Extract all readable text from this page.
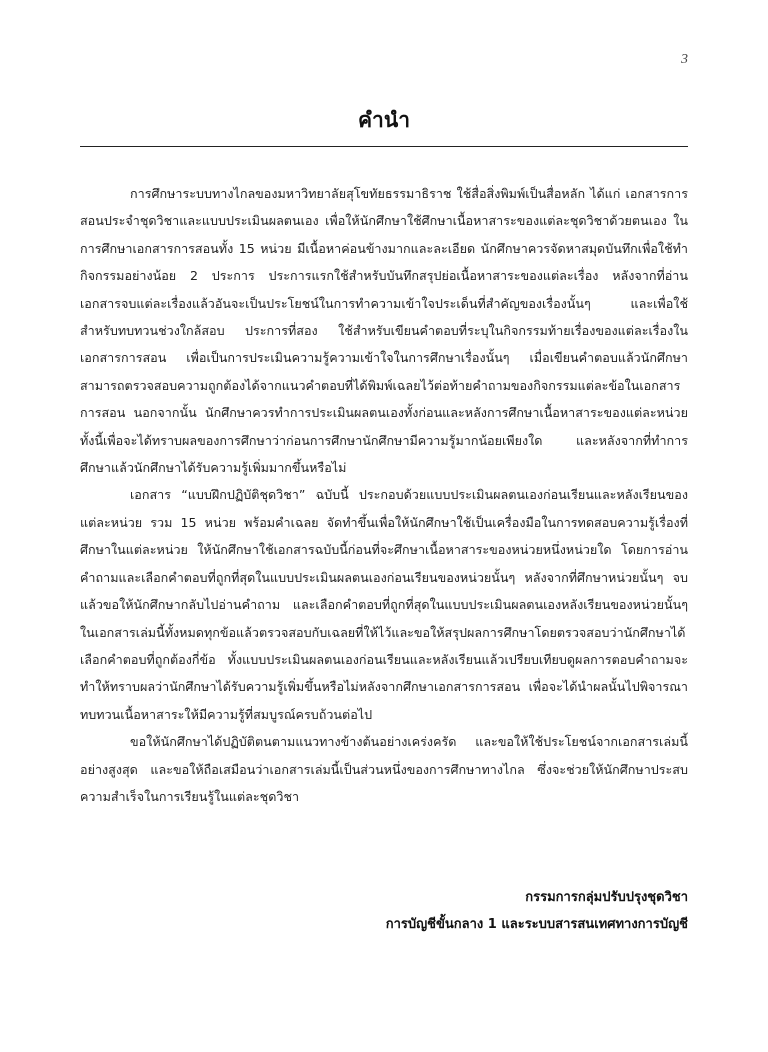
3
คำนำ

การศึกษาระบบทางไกลของมหาวิทยาลัยสุโขทัยธรรมาธิราช ใช้สื่อสิ่งพิมพ์เป็นสื่อหลัก ได้แก่ เอกสารการสอนประจำชุดวิชาและแบบประเมินผลตนเอง เพื่อให้นักศึกษาใช้ศึกษาเนื้อหาสาระของแต่ละชุดวิชาด้วยตนเอง ในการศึกษาเอกสารการสอนทั้ง 15 หน่วย มีเนื้อหาค่อนข้างมากและละเอียด นักศึกษาควรจัดหาสมุดบันทึกเพื่อใช้ทำกิจกรรมอย่างน้อย 2 ประการ ประการแรกใช้สำหรับบันทึกสรุปย่อเนื้อหาสาระของแต่ละเรื่อง หลังจากที่อ่านเอกสารจบแต่ละเรื่องแล้วอันจะเป็นประโยชน์ในการทำความเข้าใจประเด็นที่สำคัญของเรื่องนั้นๆ และเพื่อใช้สำหรับทบทวนช่วงใกล้สอบ ประการที่สอง ใช้สำหรับเขียนคำตอบที่ระบุในกิจกรรมท้ายเรื่องของแต่ละเรื่องในเอกสารการสอน เพื่อเป็นการประเมินความรู้ความเข้าใจในการศึกษาเรื่องนั้นๆ เมื่อเขียนคำตอบแล้วนักศึกษาสามารถตรวจสอบความถูกต้องได้จากแนวคำตอบที่ได้พิมพ์เฉลยไว้ต่อท้ายคำถามของกิจกรรมแต่ละข้อในเอกสารการสอน นอกจากนั้น นักศึกษาควรทำการประเมินผลตนเองทั้งก่อนและหลังการศึกษาเนื้อหาสาระของแต่ละหน่วย ทั้งนี้เพื่อจะได้ทราบผลของการศึกษาว่าก่อนการศึกษานักศึกษามีความรู้มากน้อยเพียงใด และหลังจากที่ทำการศึกษาแล้วนักศึกษาได้รับความรู้เพิ่มมากขึ้นหรือไม่

เอกสาร “แบบฝึกปฏิบัติชุดวิชา” ฉบับนี้ ประกอบด้วยแบบประเมินผลตนเองก่อนเรียนและหลังเรียนของแต่ละหน่วย รวม 15 หน่วย พร้อมคำเฉลย จัดทำขึ้นเพื่อให้นักศึกษาใช้เป็นเครื่องมือในการทดสอบความรู้เรื่องที่ศึกษาในแต่ละหน่วย ให้นักศึกษาใช้เอกสารฉบับนี้ก่อนที่จะศึกษาเนื้อหาสาระของหน่วยหนึ่งหน่วยใด โดยการอ่านคำถามและเลือกคำตอบที่ถูกที่สุดในแบบประเมินผลตนเองก่อนเรียนของหน่วยนั้นๆ หลังจากที่ศึกษาหน่วยนั้นๆ จบแล้วขอให้นักศึกษากลับไปอ่านคำถาม และเลือกคำตอบที่ถูกที่สุดในแบบประเมินผลตนเองหลังเรียนของหน่วยนั้นๆ ในเอกสารเล่มนี้ทั้งหมดทุกข้อแล้วตรวจสอบกับเฉลยที่ให้ไว้และขอให้สรุปผลการศึกษาโดยตรวจสอบว่านักศึกษาได้เลือกคำตอบที่ถูกต้องกี่ข้อ ทั้งแบบประเมินผลตนเองก่อนเรียนและหลังเรียนแล้วเปรียบเทียบดูผลการตอบคำถามจะทำให้ทราบผลว่านักศึกษาได้รับความรู้เพิ่มขึ้นหรือไม่หลังจากศึกษาเอกสารการสอน เพื่อจะได้นำผลนั้นไปพิจารณาทบทวนเนื้อหาสาระให้มีความรู้ที่สมบูรณ์ครบถ้วนต่อไป

ขอให้นักศึกษาได้ปฏิบัติตนตามแนวทางข้างต้นอย่างเคร่งครัด และขอให้ใช้ประโยชน์จากเอกสารเล่มนี้อย่างสูงสุด และขอให้ถือเสมือนว่าเอกสารเล่มนี้เป็นส่วนหนึ่งของการศึกษาทางไกล ซึ่งจะช่วยให้นักศึกษาประสบความสำเร็จในการเรียนรู้ในแต่ละชุดวิชา

กรรมการกลุ่มปรับปรุงชุดวิชา
การบัญชีขั้นกลาง 1 และระบบสารสนเทศทางการบัญชี
